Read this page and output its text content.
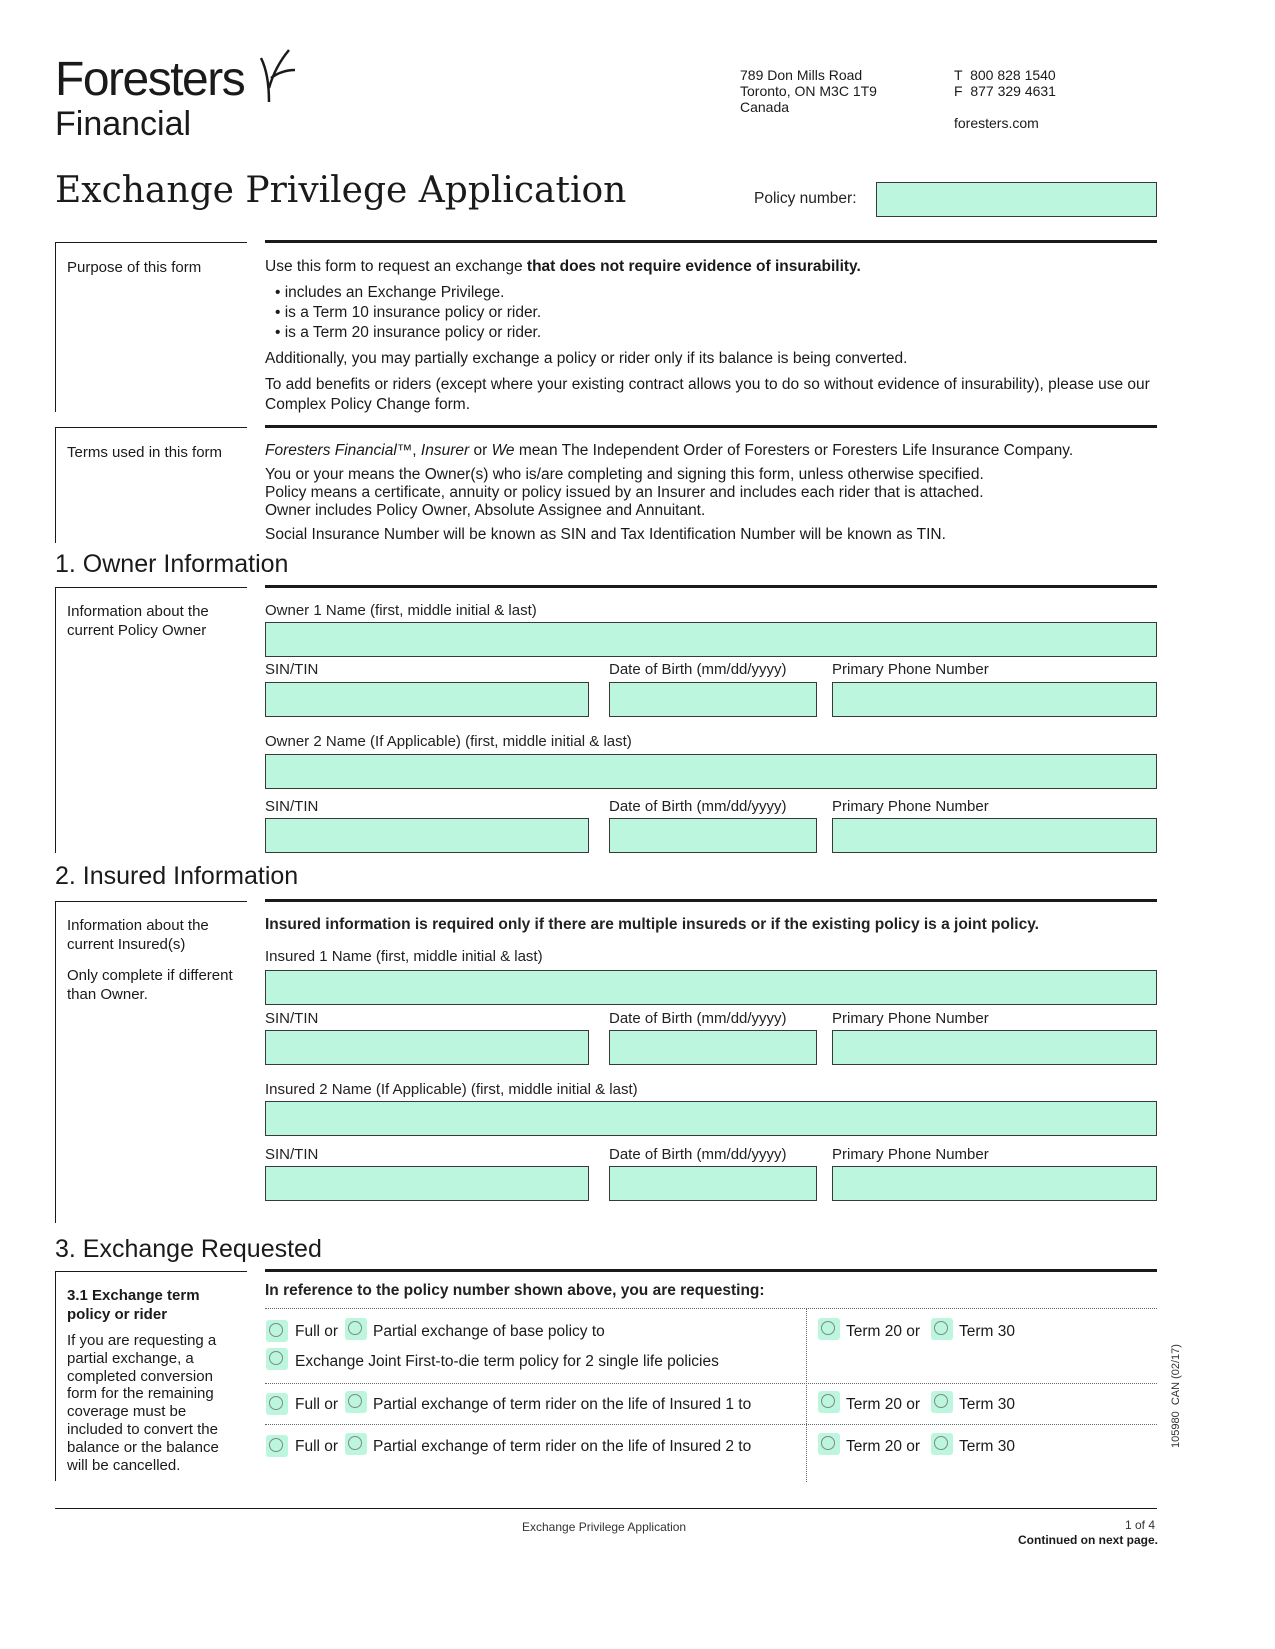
Foresters
Financial
789 Don Mills Road
Toronto, ON M3C 1T9
Canada
T  800 828 1540
F  877 329 4631
foresters.com
Exchange Privilege Application	Policy number:
Purpose of this form	Use this form to request an exchange that does not require evidence of insurability.

• includes an Exchange Privilege.

• is a Term 10 insurance policy or rider.

• is a Term 20 insurance policy or rider.

Additionally, you may partially exchange a policy or rider only if its balance is being converted.

To add benefits or riders (except where your existing contract allows you to do so without evidence of insurability), please use our Complex Policy Change form.

Terms used in this form	Foresters Financial™, Insurer or We mean The Independent Order of Foresters or Foresters Life Insurance Company.

You or your means the Owner(s) who is/are completing and signing this form, unless otherwise specified.

Policy means a certificate, annuity or policy issued by an Insurer and includes each rider that is attached.

Owner includes Policy Owner, Absolute Assignee and Annuitant.

Social Insurance Number will be known as SIN and Tax Identification Number will be known as TIN.

1. Owner Information
Information about the current Policy Owner
Owner 1 Name (first, middle initial & last)
SIN/TIN	Date of Birth (mm/dd/yyyy)	Primary Phone Number
Owner 2 Name (If Applicable) (first, middle initial & last)
SIN/TIN	Date of Birth (mm/dd/yyyy)	Primary Phone Number
2. Insured Information
Information about the current Insured(s)
Only complete if different than Owner.
Insured information is required only if there are multiple insureds or if the existing policy is a joint policy.
Insured 1 Name (first, middle initial & last)
SIN/TIN	Date of Birth (mm/dd/yyyy)	Primary Phone Number
Insured 2 Name (If Applicable) (first, middle initial & last)
SIN/TIN	Date of Birth (mm/dd/yyyy)	Primary Phone Number
3. Exchange Requested
3.1 Exchange term policy or rider
If you are requesting a partial exchange, a completed conversion form for the remaining coverage must be included to convert the balance or the balance will be cancelled.
In reference to the policy number shown above, you are requesting:
Full or Partial exchange of base policy to	Term 20 or	Term 30
Exchange Joint First-to-die term policy for 2 single life policies
Full or Partial exchange of term rider on the life of Insured 1 to	Term 20 or	Term 30
Full or Partial exchange of term rider on the life of Insured 2 to	Term 20 or	Term 30	105980  CAN (02/17)
Exchange Privilege Application	1 of 4
Continued on next page.
